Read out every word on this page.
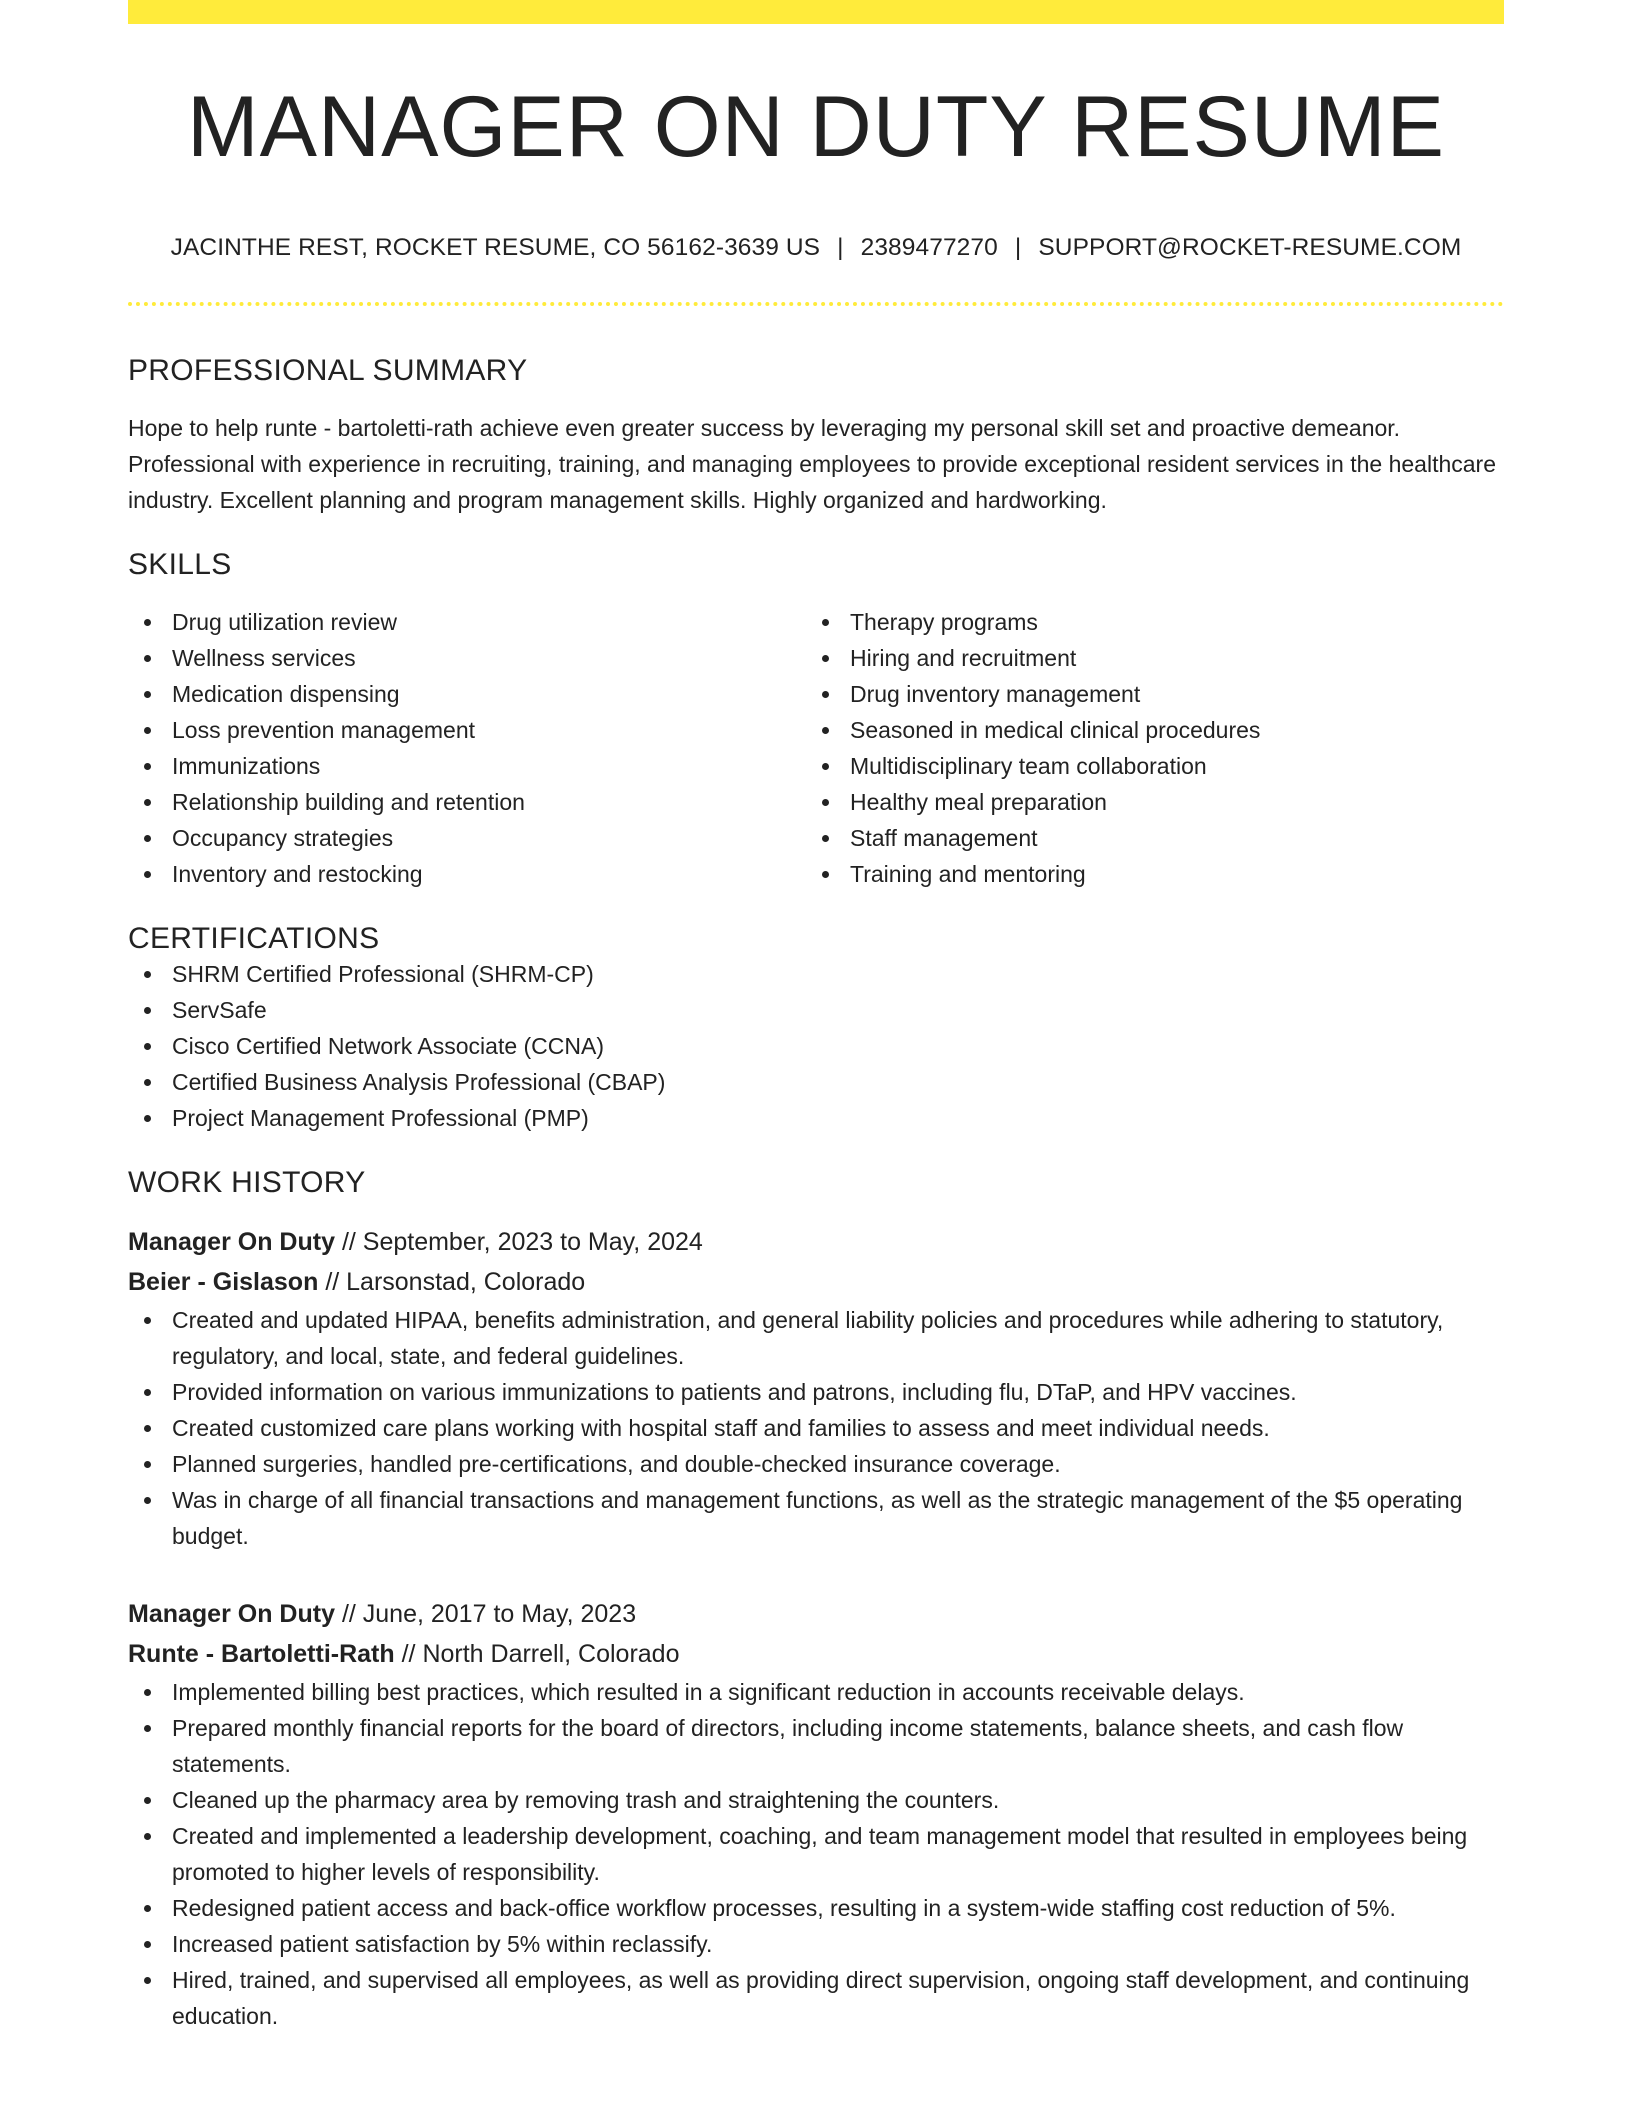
MANAGER ON DUTY RESUME
JACINTHE REST, ROCKET RESUME, CO 56162-3639 US | 2389477270 | SUPPORT@ROCKET-RESUME.COM
PROFESSIONAL SUMMARY

Hope to help runte - bartoletti-rath achieve even greater success by leveraging my personal skill set and proactive demeanor. Professional with experience in recruiting, training, and managing employees to provide exceptional resident services in the healthcare industry. Excellent planning and program management skills. Highly organized and hardworking.

SKILLS
Drug utilization review
Wellness services
Medication dispensing
Loss prevention management
Immunizations
Relationship building and retention
Occupancy strategies
Inventory and restocking
Therapy programs
Hiring and recruitment
Drug inventory management
Seasoned in medical clinical procedures
Multidisciplinary team collaboration
Healthy meal preparation
Staff management
Training and mentoring
CERTIFICATIONS
SHRM Certified Professional (SHRM-CP)
ServSafe
Cisco Certified Network Associate (CCNA)
Certified Business Analysis Professional (CBAP)
Project Management Professional (PMP)
WORK HISTORY
Manager On Duty // September, 2023 to May, 2024
Beier - Gislason // Larsonstad, Colorado
Created and updated HIPAA, benefits administration, and general liability policies and procedures while adhering to statutory, regulatory, and local, state, and federal guidelines.
Provided information on various immunizations to patients and patrons, including flu, DTaP, and HPV vaccines.
Created customized care plans working with hospital staff and families to assess and meet individual needs.
Planned surgeries, handled pre-certifications, and double-checked insurance coverage.
Was in charge of all financial transactions and management functions, as well as the strategic management of the $5 operating budget.
Manager On Duty // June, 2017 to May, 2023
Runte - Bartoletti-Rath // North Darrell, Colorado
Implemented billing best practices, which resulted in a significant reduction in accounts receivable delays.
Prepared monthly financial reports for the board of directors, including income statements, balance sheets, and cash flow statements.
Cleaned up the pharmacy area by removing trash and straightening the counters.
Created and implemented a leadership development, coaching, and team management model that resulted in employees being promoted to higher levels of responsibility.
Redesigned patient access and back-office workflow processes, resulting in a system-wide staffing cost reduction of 5%.
Increased patient satisfaction by 5% within reclassify.
Hired, trained, and supervised all employees, as well as providing direct supervision, ongoing staff development, and continuing education.
